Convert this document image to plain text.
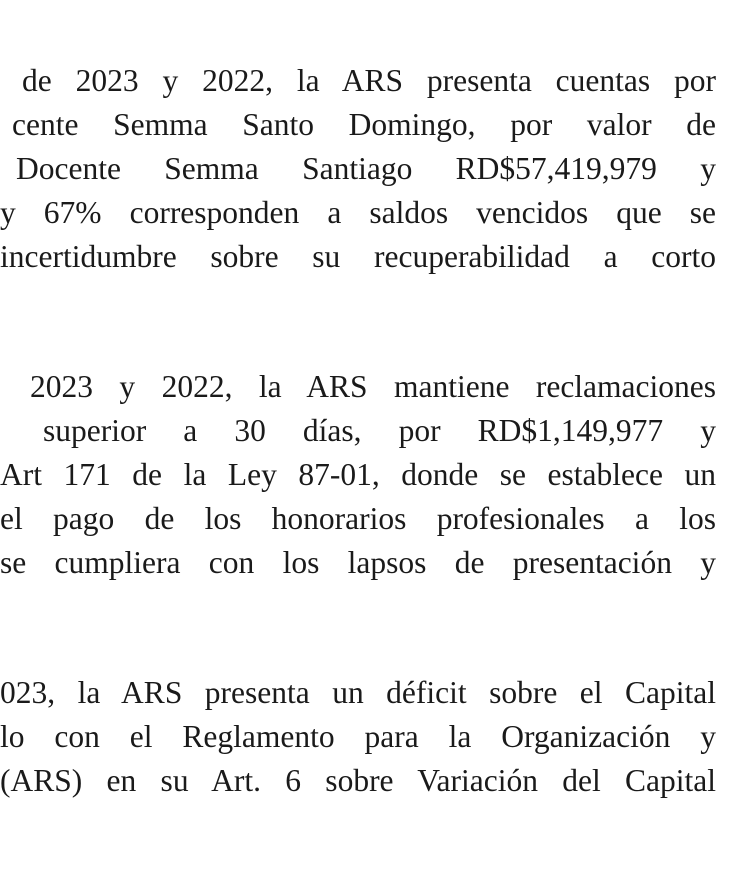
de 2023 y 2022, la ARS presenta cuentas por
cente Semma Santo Domingo, por valor de
Docente Semma Santiago RD$57,419,979 y
y 67% corresponden a saldos vencidos que se
incertidumbre sobre su recuperabilidad a corto
2023 y 2022, la ARS mantiene reclamaciones
superior a 30 días, por RD$1,149,977 y
Art 171 de la Ley 87-01, donde se establece un
el pago de los honorarios profesionales a los
se cumpliera con los lapsos de presentación y
023, la ARS presenta un déficit sobre el Capital
lo con el Reglamento para la Organización y
(ARS) en su Art. 6 sobre Variación del Capital
